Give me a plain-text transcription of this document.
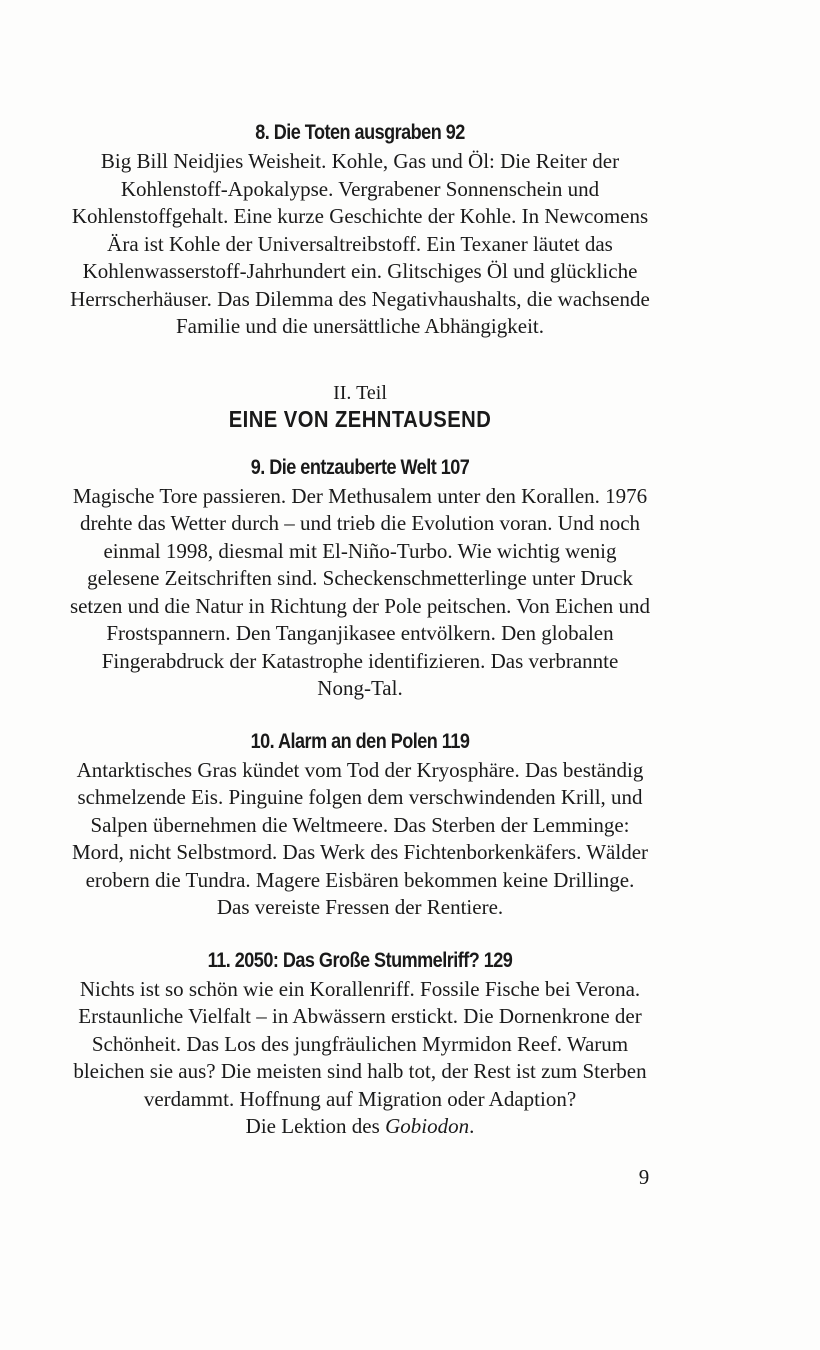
8. Die Toten ausgraben 92

Big Bill Neidjies Weisheit. Kohle, Gas und Öl: Die Reiter der
Kohlenstoff-Apokalypse. Vergrabener Sonnenschein und
Kohlenstoffgehalt. Eine kurze Geschichte der Kohle. In Newcomens
Ära ist Kohle der Universaltreibstoff. Ein Texaner läutet das
Kohlenwasserstoff-Jahrhundert ein. Glitschiges Öl und glückliche
Herrscherhäuser. Das Dilemma des Negativhaushalts, die wachsende
Familie und die unersättliche Abhängigkeit.

II. Teil

EINE VON ZEHNTAUSEND
9. Die entzauberte Welt 107

Magische Tore passieren. Der Methusalem unter den Korallen. 1976
drehte das Wetter durch – und trieb die Evolution voran. Und noch
einmal 1998, diesmal mit El-Niño-Turbo. Wie wichtig wenig
gelesene Zeitschriften sind. Scheckenschmetterlinge unter Druck
setzen und die Natur in Richtung der Pole peitschen. Von Eichen und
Frostspannern. Den Tanganjikasee entvölkern. Den globalen
Fingerabdruck der Katastrophe identifizieren. Das verbrannte
Nong-Tal.

10. Alarm an den Polen 119

Antarktisches Gras kündet vom Tod der Kryosphäre. Das beständig
schmelzende Eis. Pinguine folgen dem verschwindenden Krill, und
Salpen übernehmen die Weltmeere. Das Sterben der Lemminge:
Mord, nicht Selbstmord. Das Werk des Fichtenborkenkäfers. Wälder
erobern die Tundra. Magere Eisbären bekommen keine Drillinge.
Das vereiste Fressen der Rentiere.

11. 2050: Das Große Stummelriff? 129

Nichts ist so schön wie ein Korallenriff. Fossile Fische bei Verona.
Erstaunliche Vielfalt – in Abwässern erstickt. Die Dornenkrone der
Schönheit. Das Los des jungfräulichen Myrmidon Reef. Warum
bleichen sie aus? Die meisten sind halb tot, der Rest ist zum Sterben
verdammt. Hoffnung auf Migration oder Adaption?
Die Lektion des Gobiodon.

9
